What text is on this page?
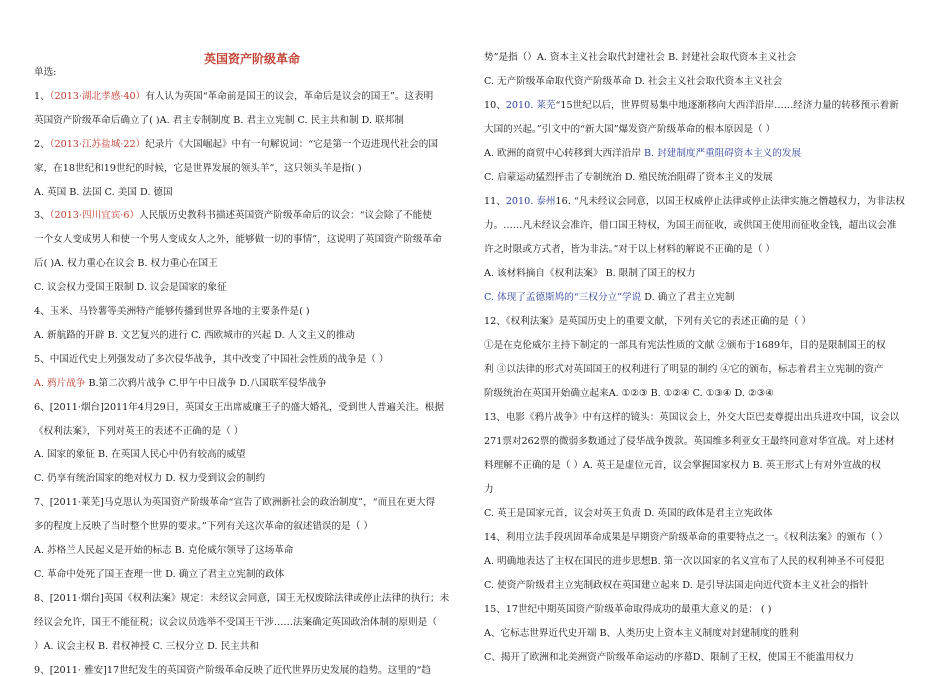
英国资产阶级革命
单选:
1、（2013·湖北孝感·40）有人认为英国“革命前是国王的议会，革命后是议会的国王”。这表明
英国资产阶级革命后确立了( )A. 君主专制制度 B. 君主立宪制 C. 民主共和制 D. 联邦制
2、（2013·江苏盐城·22）纪录片《大国崛起》中有一句解说词：“它是第一个迈进现代社会的国
家，在18世纪和19世纪的时候，它是世界发展的领头羊”，这只领头羊是指( )
A. 英国 B. 法国 C. 美国 D. 德国
3、（2013·四川宜宾·6）人民版历史教科书描述英国资产阶级革命后的议会：“议会除了不能使
一个女人变成男人和使一个男人变成女人之外，能够做一切的事情”，这说明了英国资产阶级革命
后( )A. 权力重心在议会 B. 权力重心在国王
C. 议会权力受国王限制 D. 议会是国家的象征
4、玉米、马铃薯等美洲特产能够传播到世界各地的主要条件是( )
A. 新航路的开辟 B. 文艺复兴的进行 C. 西欧城市的兴起 D. 人文主义的推动
5、中国近代史上列强发动了多次侵华战争，其中改变了中国社会性质的战争是（ ）
A. 鸦片战争 B.第二次鸦片战争 C.甲午中日战争 D.八国联军侵华战争
6、[2011·烟台]2011年4月29日，英国女王出席威廉王子的盛大婚礼，受到世人普遍关注。根据
《权利法案》，下列对英王的表述不正确的是（ ）
A. 国家的象征 B. 在英国人民心中仍有较高的威望
C. 仍享有统治国家的绝对权力 D. 权力受到议会的制约
7、[2011·莱芜]马克思认为英国资产阶级革命“宣告了欧洲新社会的政治制度”，“而且在更大得
多的程度上反映了当时整个世界的要求。”下列有关这次革命的叙述错误的是（ ）
A. 苏格兰人民起义是开始的标志 B. 克伦威尔领导了这场革命
C. 革命中处死了国王查理一世 D. 确立了君主立宪制的政体
8、[2011·烟台]英国《权利法案》规定：未经议会同意，国王无权废除法律或停止法律的执行；未
经议会允许，国王不能征税；议会议员选举不受国王干涉……法案确定英国政治体制的原则是（
）A. 议会主权 B. 君权神授 C. 三权分立 D. 民主共和
9、[2011· 雅安]17世纪发生的英国资产阶级革命反映了近代世界历史发展的趋势。这里的“趋
势”是指（）A. 资本主义社会取代封建社会 B. 封建社会取代资本主义社会
C. 无产阶级革命取代资产阶级革命 D. 社会主义社会取代资本主义社会
10、2010. 莱芜“15世纪以后，世界贸易集中地逐渐移向大西洋沿岸……经济力量的转移预示着新
大国的兴起。”引文中的“新大国”爆发资产阶级革命的根本原因是（ ）
A. 欧洲的商贸中心转移到大西洋沿岸 B. 封建制度严重阻碍资本主义的发展
C. 启蒙运动猛烈抨击了专制统治 D. 殖民统治阻碍了资本主义的发展
11、2010. 泰州16. “凡未经议会同意，以国王权威停止法律或停止法律实施之僭越权力，为非法权
力。……凡未经议会准许，借口国王特权，为国王而征收，或供国王使用而征收金钱，超出议会准
许之时限或方式者，皆为非法。”对于以上材料的解说不正确的是（ ）
A. 该材料摘自《权利法案》 B. 限制了国王的权力
C. 体现了孟德斯鸠的“三权分立”学说 D. 确立了君主立宪制
12、《权利法案》是英国历史上的重要文献，下列有关它的表述正确的是（ ）
①是在克伦威尔主持下制定的一部具有宪法性质的文献 ②颁布于1689年，目的是限制国王的权
利 ③以法律的形式对英国国王的权利进行了明显的制约 ④它的颁布，标志着君主立宪制的资产
阶级统治在英国开始确立起来A. ①②③ B. ①②④ C. ①③④ D. ②③④
13、电影《鸦片战争》中有这样的镜头：英国议会上，外交大臣巴麦尊提出出兵进攻中国，议会以
271票对262票的微弱多数通过了侵华战争拨款。英国维多利亚女王最终同意对华宣战。对上述材
料理解不正确的是（ ）A. 英王是虚位元首，议会掌握国家权力 B. 英王形式上有对外宣战的权
力
C. 英王是国家元首，议会对英王负责 D. 英国的政体是君主立宪政体
14、利用立法手段巩固革命成果是早期资产阶级革命的重要特点之一。《权利法案》的颁布（ ）
A. 明确地表达了主权在国民的进步思想B. 第一次以国家的名义宣布了人民的权利神圣不可侵犯
C. 使资产阶级君主立宪制政权在英国建立起来 D. 是引导法国走向近代资本主义社会的指针
15、17世纪中期英国资产阶级革命取得成功的最重大意义的是： ( )
A、它标志世界近代史开端 B、人类历史上资本主义制度对封建制度的胜利
C、揭开了欧洲和北美洲资产阶级革命运动的序幕D、限制了王权，使国王不能滥用权力
